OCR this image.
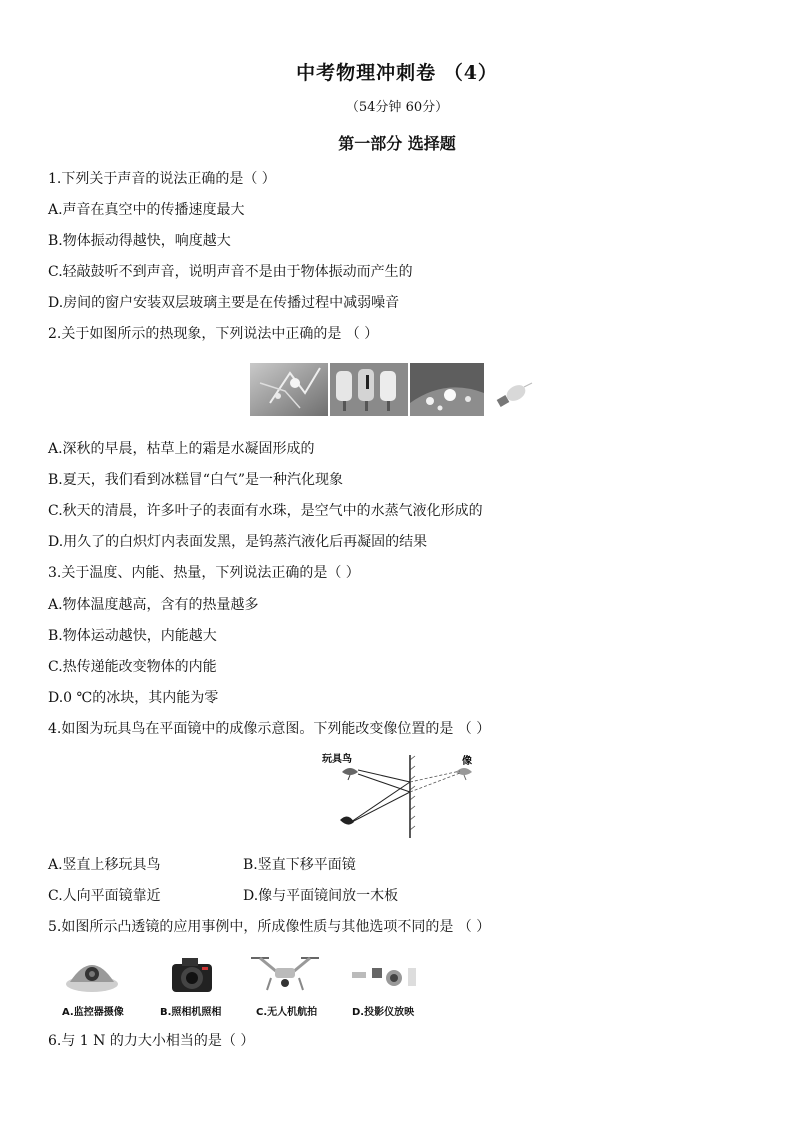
中考物理冲刺卷 （4）
（54分钟 60分）
第一部分 选择题
1.下列关于声音的说法正确的是（ ）
A.声音在真空中的传播速度最大
B.物体振动得越快，响度越大
C.轻敲鼓听不到声音，说明声音不是由于物体振动而产生的
D.房间的窗户安装双层玻璃主要是在传播过程中减弱噪音
2.关于如图所示的热现象，下列说法中正确的是 （ ）
A.深秋的早晨，枯草上的霜是水凝固形成的
B.夏天，我们看到冰糕冒“白气”是一种汽化现象
C.秋天的清晨，许多叶子的表面有水珠，是空气中的水蒸气液化形成的
D.用久了的白炽灯内表面发黑，是钨蒸汽液化后再凝固的结果
3.关于温度、内能、热量，下列说法正确的是（ ）
A.物体温度越高，含有的热量越多
B.物体运动越快，内能越大
C.热传递能改变物体的内能
D.0 ℃的冰块，其内能为零
4.如图为玩具鸟在平面镜中的成像示意图。下列能改变像位置的是 （ ）
玩具鸟	像
A.竖直上移玩具鸟	B.竖直下移平面镜
C.人向平面镜靠近	D.像与平面镜间放一木板
5.如图所示凸透镜的应用事例中，所成像性质与其他选项不同的是 （ ）
A.监控器摄像	B.照相机照相	C.无人机航拍	D.投影仪放映
6.与 1 N 的力大小相当的是（ ）
